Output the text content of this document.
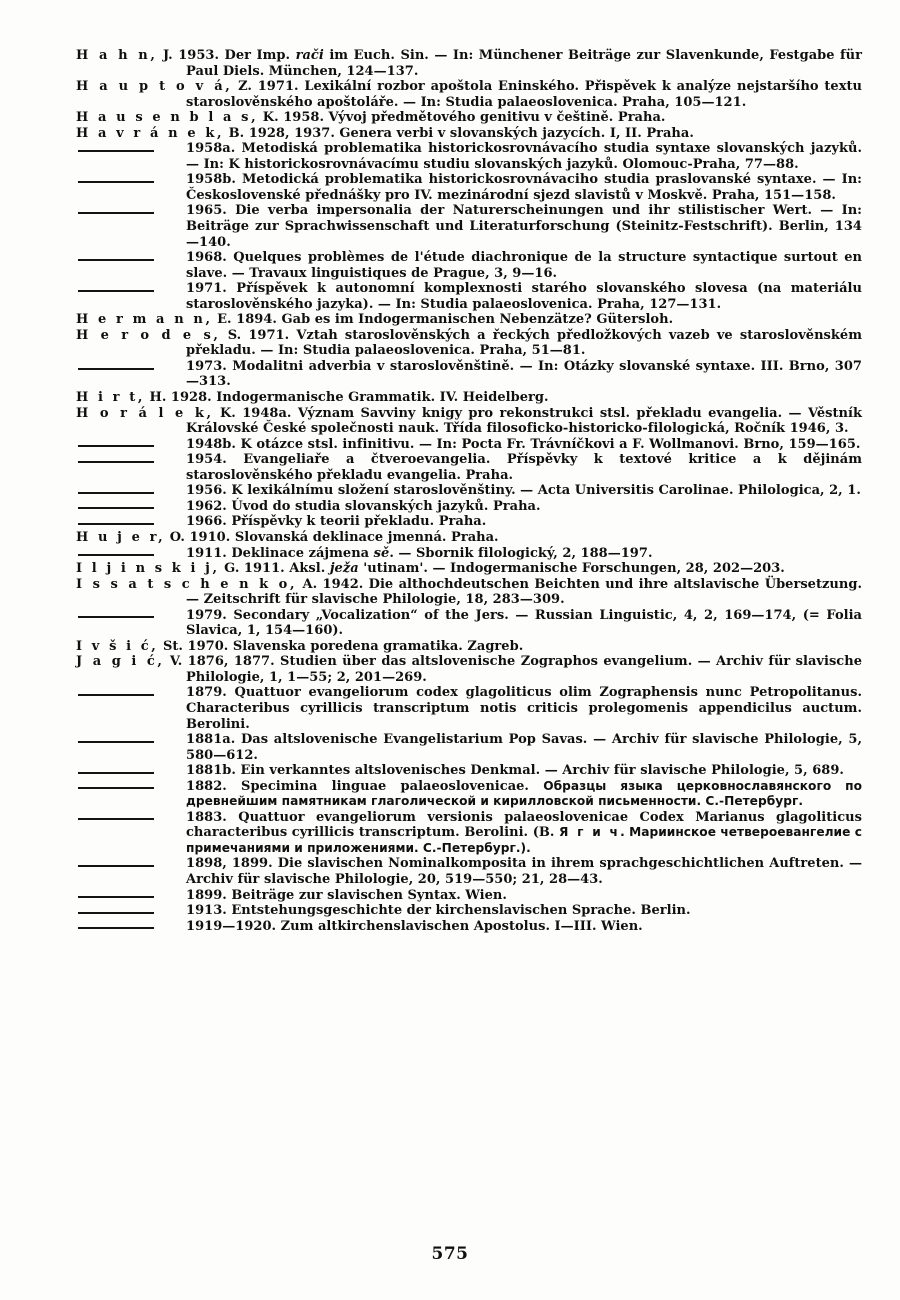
H a h n, J. 1953. Der Imp. rači im Euch. Sin. — In: Münchener Beiträge zur Slavenkunde, Festgabe für Paul Diels. München, 124—137.
H a u p t o v á, Z. 1971. Lexikální rozbor apoštola Eninského. Přispěvek k analýze nejstaršího textu staroslověnského apoštoláře. — In: Studia palaeoslovenica. Praha, 105—121.
H a u s e n b l a s, K. 1958. Vývoj předmětového genitivu v češtině. Praha.
H a v r á n e k, B. 1928, 1937. Genera verbi v slovanských jazycích. I, II. Praha.
1958a. Metodiská problematika historickosrovnávacího studia syntaxe slovanských jazyků. — In: K historickosrovnávacímu studiu slovanských jazyků. Olomouc-Praha, 77—88.
1958b. Metodická problematika historickosrovnávaciho studia praslovanské syntaxe. — In: Československé přednášky pro IV. mezinárodní sjezd slavistů v Moskvě. Praha, 151—158.
1965. Die verba impersonalia der Naturerscheinungen und ihr stilistischer Wert. — In: Beiträge zur Sprachwissenschaft und Literaturforschung (Steinitz-Festschrift). Berlin, 134—140.
1968. Quelques problèmes de l'étude diachronique de la structure syntactique surtout en slave. — Travaux linguistiques de Prague, 3, 9—16.
1971. Příspěvek k autonomní komplexnosti starého slovanského slovesa (na materiálu staroslověnského jazyka). — In: Studia palaeoslovenica. Praha, 127—131.
H e r m a n n, E. 1894. Gab es im Indogermanischen Nebenzätze? Gütersloh.
H e r o d e s, S. 1971. Vztah staroslověnských a řeckých předložkových vazeb ve staroslověnském překladu. — In: Studia palaeoslovenica. Praha, 51—81.
1973. Modalitni adverbia v staroslověnštině. — In: Otázky slovanské syntaxe. III. Brno, 307—313.
H i r t, H. 1928. Indogermanische Grammatik. IV. Heidelberg.
H o r á l e k, K. 1948a. Význam Savviny knigy pro rekonstrukci stsl. překladu evangelia. — Věstník Královské České společnosti nauk. Třída filosoficko-historicko-filologická, Ročník 1946, 3.
1948b. K otázce stsl. infinitivu. — In: Pocta Fr. Trávníčkovi a F. Wollmanovi. Brno, 159—165.
1954. Evangeliaře a čtveroevangelia. Příspěvky k textové kritice a k dějinám staroslověnského překladu evangelia. Praha.
1956. K lexikálnímu složení staroslověnštiny. — Acta Universitis Carolinae. Philologica, 2, 1.
1962. Úvod do studia slovanských jazyků. Praha.
1966. Příspěvky k teorii překladu. Praha.
H u j e r, O. 1910. Slovanská deklinace jmenná. Praha.
1911. Deklinace zájmena sě. — Sbornik filologický, 2, 188—197.
I l j i n s k i j, G. 1911. Aksl. ježa 'utinam'. — Indogermanische Forschungen, 28, 202—203.
I s s a t s c h e n k o, A. 1942. Die althochdeutschen Beichten und ihre altslavische Übersetzung. — Zeitschrift für slavische Philologie, 18, 283—309.
1979. Secondary „Vocalization“ of the Jers. — Russian Linguistic, 4, 2, 169—174, (= Folia Slavica, 1, 154—160).
I v š i ć, St. 1970. Slavenska poredena gramatika. Zagreb.
J a g i ć, V. 1876, 1877. Studien über das altslovenische Zographos evangelium. — Archiv für slavische Philologie, 1, 1—55; 2, 201—269.
1879. Quattuor evangeliorum codex glagoliticus olim Zographensis nunc Petropolitanus. Characteribus cyrillicis transcriptum notis criticis prolegomenis appendicilus auctum. Berolini.
1881a. Das altslovenische Evangelistarium Pop Savas. — Archiv für slavische Philologie, 5, 580—612.
1881b. Ein verkanntes altslovenisches Denkmal. — Archiv für slavische Philologie, 5, 689.
1882. Specimina linguae palaeoslovenicae. Образцы языка церковнославянского по древнейшим памятникам глаголической и кирилловской письменности. С.-Петербург.
1883. Quattuor evangeliorum versionis palaeoslovenicae Codex Marianus glagoliticus characteribus cyrillicis transcriptum. Berolini. (В. Я г и ч. Мариинское четвероевангелие с примечаниями и приложениями. С.-Петербург.).
1898, 1899. Die slavischen Nominalkomposita in ihrem sprachgeschichtlichen Auftreten. — Archiv für slavische Philologie, 20, 519—550; 21, 28—43.
1899. Beiträge zur slavischen Syntax. Wien.
1913. Entstehungsgeschichte der kirchenslavischen Sprache. Berlin.
1919—1920. Zum altkirchenslavischen Apostolus. I—III. Wien.
575
